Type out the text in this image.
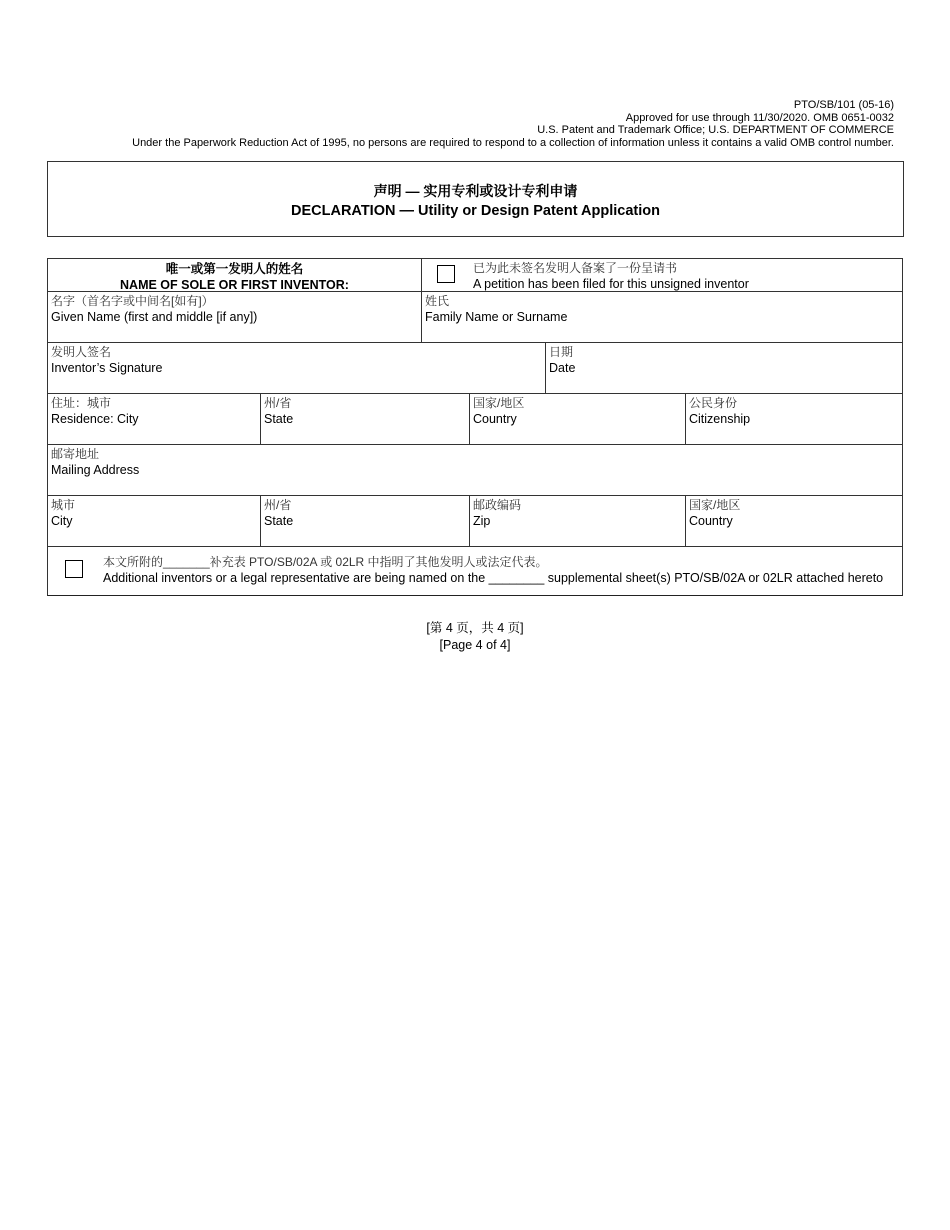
PTO/SB/101 (05-16)
Approved for use through 11/30/2020. OMB 0651-0032
U.S. Patent and Trademark Office; U.S. DEPARTMENT OF COMMERCE
Under the Paperwork Reduction Act of 1995, no persons are required to respond to a collection of information unless it contains a valid OMB control number.
声明 — 实用专利或设计专利申请
DECLARATION — Utility or Design Patent Application
唯一或第一发明人的姓名
NAME OF SOLE OR FIRST INVENTOR:
已为此未签名发明人备案了一份呈请书
A petition has been filed for this unsigned inventor
名字（首名字或中间名[如有]）
Given Name (first and middle [if any])
姓氏
Family Name or Surname
发明人签名
Inventor’s Signature
日期
Date
住址：城市
Residence: City
州/省
State
国家/地区
Country
公民身份
Citizenship
邮寄地址
Mailing Address
城市
City
州/省
State
邮政编码
Zip
国家/地区
Country
本文所附的_______补充表 PTO/SB/02A 或 02LR 中指明了其他发明人或法定代表。
Additional inventors or a legal representative are being named on the ________ supplemental sheet(s) PTO/SB/02A or 02LR attached hereto
[第 4 页，共 4 页]
[Page 4 of 4]
